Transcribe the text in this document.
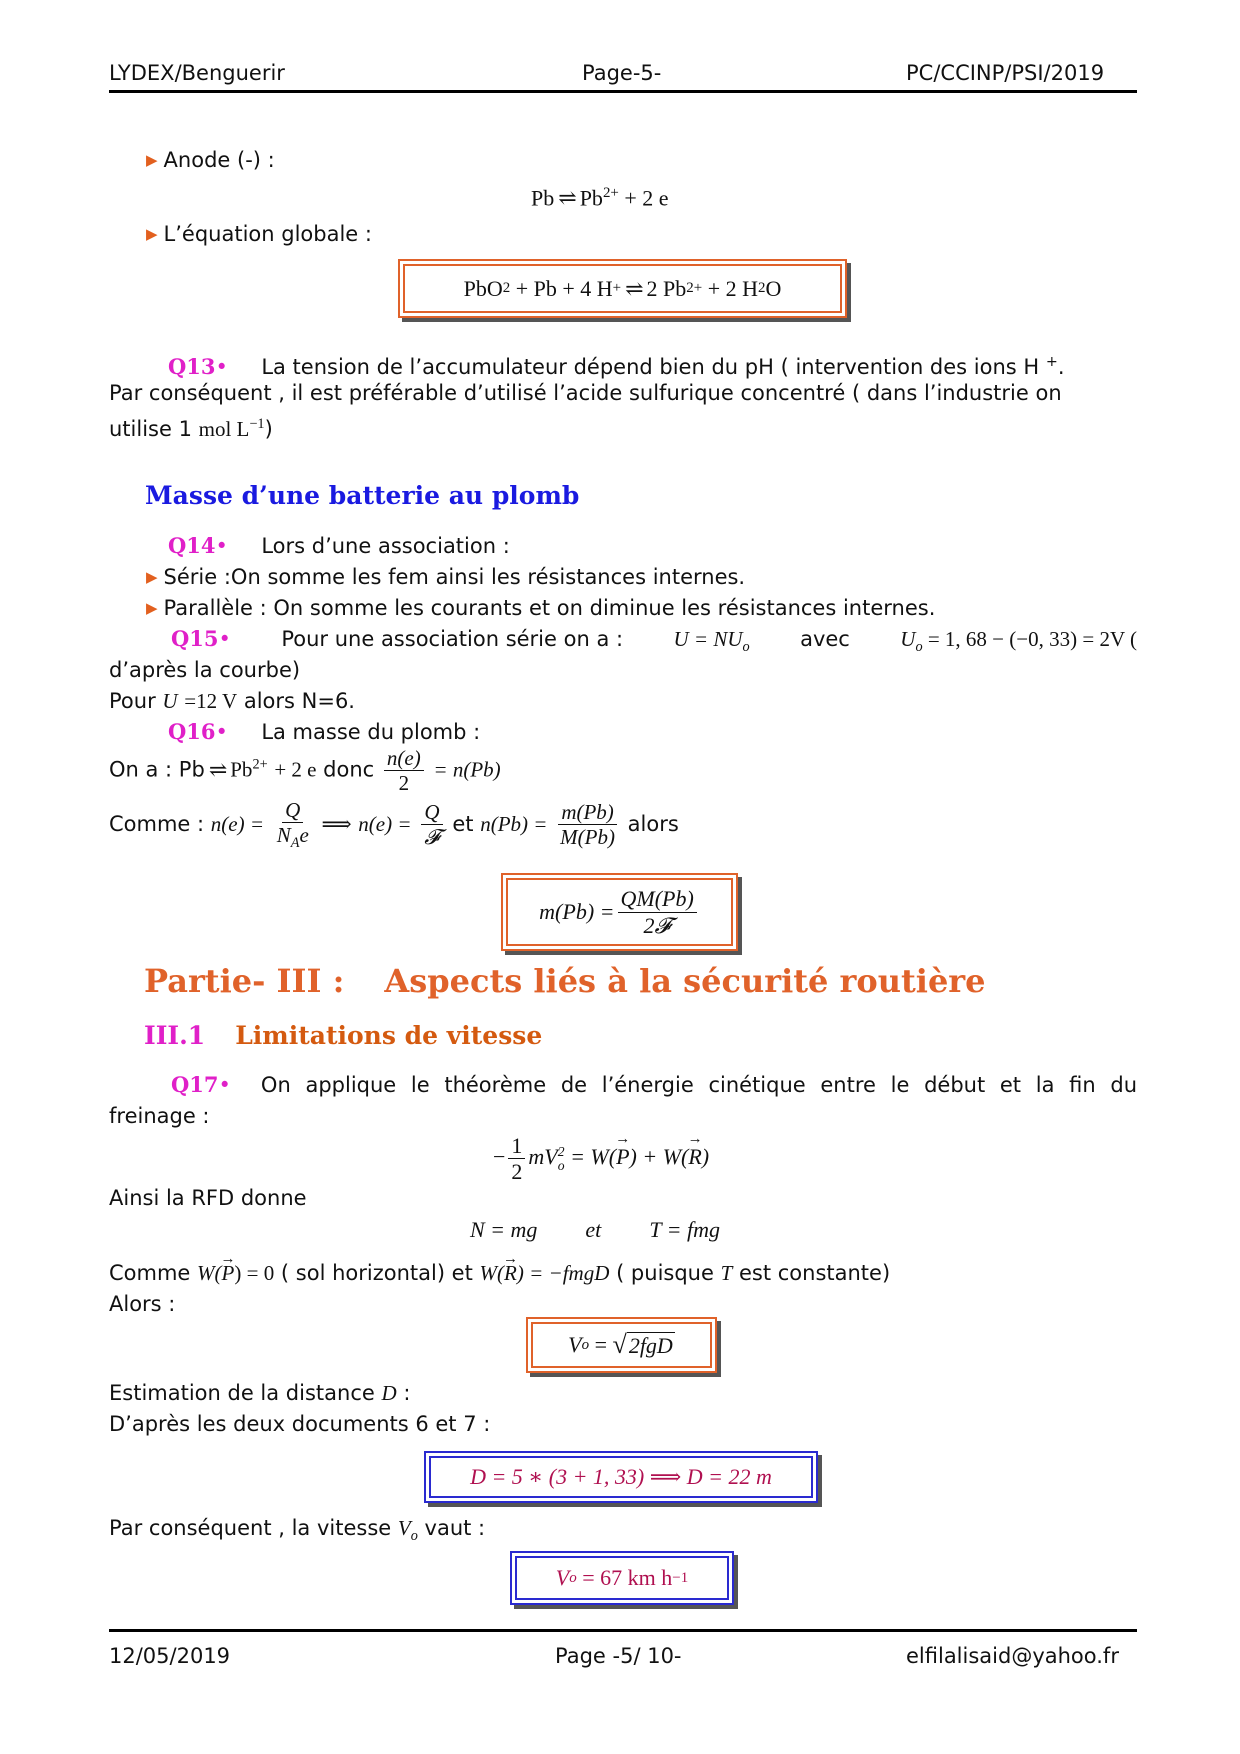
LYDEX/Benguerir	Page-5-	PC/CCINP/PSI/2019
▶ Anode (-) :
Pb ⇌ $Pb^{2+} + 2$ e
▶ L’équation globale :
PbO 2
+ Pb + 4 H + ⇌ 2 Pb 2+
+ 2 H 2 O
Q13• La tension de l’accumulateur dépend bien du pH ( intervention des ions H +.
Par conséquent , il est préférable d’utilisé l’acide sulfurique concentré ( dans l’industrie on
utilise 1 mol $L^{-1}$)
Masse d’une batterie au plomb
Q14• Lors d’une association :
▶ Série :On somme les fem ainsi les résistances internes.
▶ Parallèle : On somme les courants et on diminue les résistances internes.
Q15• Pour une association série on a : $U = NU_o$ avec $U_o = 1$, 68 − (−0, 33) = 2V (
d’après la courbe)
Pour U =12 V alors N=6.
Q16• La masse du plomb :
On a : Pb ⇌ $Pb^{2+} + 2$ e donc $\frac{n(e)}{2} = n(Pb)$
Comme : $n(e) = \frac{Q}{N_Ae}$ ⟹ $n(e) = \frac{Q}{\text{𝓕}}$ et $n(Pb) = \frac{m(Pb)}{M(Pb)}$ alors
$m(Pb) = \frac{QM(Pb)}{\text{2𝓕}}$
Partie- III : Aspects liés à la sécurité routière
III.1 Limitations de vitesse
Q17• On applique le théorème de l’énergie cinétique entre le début et la fin du
freinage :
− $\frac{1}{2}$ mV 2
o = W(→ P) + W(→ R)
Ainsi la RFD donne
N = mg et T = fmg
Comme W(→ P) = 0 ( sol horizontal) et W(→ R) = −fmgD ( puisque T est constante)
Alors :
V o
=
√ 2fgD
Estimation de la distance D :
D’après les deux documents 6 et 7 :
D = 5 ∗ (3 + 1, 33) ⟹ D = 22 m
Par conséquent , la vitesse $V_o$ vaut :
V o
= 67 km h −1
12/05/2019	Page -5/ 10-	elfilalisaid@yahoo.fr
